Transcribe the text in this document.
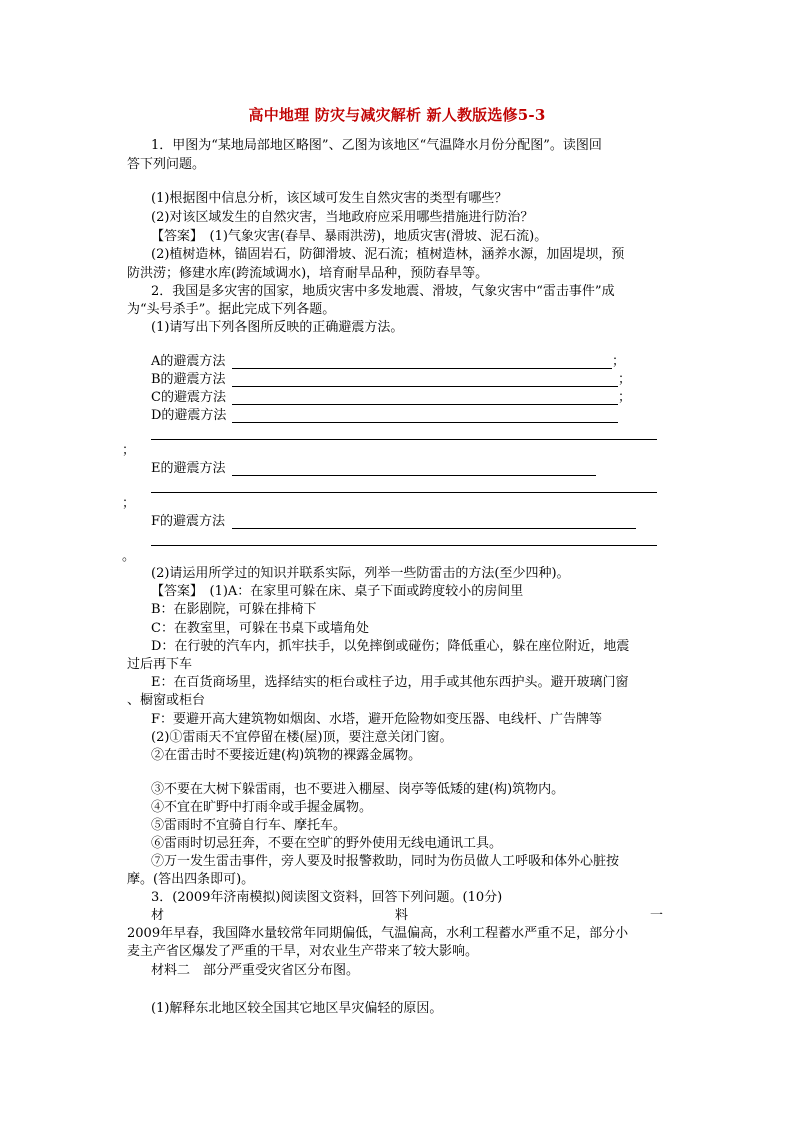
高中地理 防灾与减灾解析 新人教版选修5-3
1．甲图为“某地局部地区略图”、乙图为该地区“气温降水月份分配图”。读图回
答下列问题。
(1)根据图中信息分析，该区域可发生自然灾害的类型有哪些？
(2)对该区域发生的自然灾害，当地政府应采用哪些措施进行防治？
【答案】　(1)气象灾害(春旱、暴雨洪涝)，地质灾害(滑坡、泥石流)。
(2)植树造林，锚固岩石，防御滑坡、泥石流；植树造林，涵养水源，加固堤坝，预
防洪涝；修建水库(跨流域调水)，培育耐旱品种，预防春旱等。
2．我国是多灾害的国家，地质灾害中多发地震、滑坡，气象灾害中“雷击事件”成
为“头号杀手”。据此完成下列各题。
(1)请写出下列各图所反映的正确避震方法。
A的避震方法	；
B的避震方法	；
C的避震方法	；
D的避震方法
；
E的避震方法
；
F的避震方法
。
(2)请运用所学过的知识并联系实际，列举一些防雷击的方法(至少四种)。
【答案】　(1)A：在家里可躲在床、桌子下面或跨度较小的房间里
B：在影剧院，可躲在排椅下
C：在教室里，可躲在书桌下或墙角处
D：在行驶的汽车内，抓牢扶手，以免摔倒或碰伤；降低重心，躲在座位附近，地震
过后再下车
E：在百货商场里，选择结实的柜台或柱子边，用手或其他东西护头。避开玻璃门窗
、橱窗或柜台
F：要避开高大建筑物如烟囱、水塔，避开危险物如变压器、电线杆、广告牌等
(2)①雷雨天不宜停留在楼(屋)顶，要注意关闭门窗。
②在雷击时不要接近建(构)筑物的裸露金属物。
③不要在大树下躲雷雨，也不要进入棚屋、岗亭等低矮的建(构)筑物内。
④不宜在旷野中打雨伞或手握金属物。
⑤雷雨时不宜骑自行车、摩托车。
⑥雷雨时切忌狂奔，不要在空旷的野外使用无线电通讯工具。
⑦万一发生雷击事件，旁人要及时报警救助，同时为伤员做人工呼吸和体外心脏按
摩。(答出四条即可)。
3．(2009年济南模拟)阅读图文资料，回答下列问题。(10分)
材	料	一
2009年早春，我国降水量较常年同期偏低，气温偏高，水利工程蓄水严重不足，部分小
麦主产省区爆发了严重的干旱，对农业生产带来了较大影响。
材料二　部分严重受灾省区分布图。
(1)解释东北地区较全国其它地区旱灾偏轻的原因。
